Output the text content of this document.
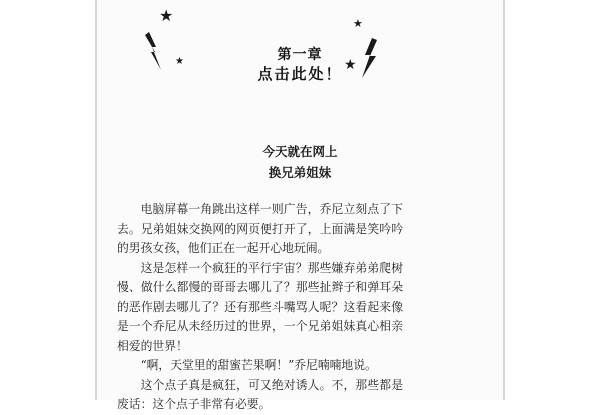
★
★
★
★
第一章
点击此处！
今天就在网上
换兄弟姐妹

电脑屏幕一角跳出这样一则广告，乔尼立刻点了下去。兄弟姐妹交换网的网页便打开了，上面满是笑吟吟的男孩女孩，他们正在一起开心地玩闹。

这是怎样一个疯狂的平行宇宙？那些嫌弃弟弟爬树慢、做什么都慢的哥哥去哪儿了？那些扯辫子和弹耳朵的恶作剧去哪儿了？还有那些斗嘴骂人呢？这看起来像是一个乔尼从未经历过的世界，一个兄弟姐妹真心相亲相爱的世界！

“啊，天堂里的甜蜜芒果啊！”乔尼喃喃地说。

这个点子真是疯狂，可又绝对诱人。不，那些都是废话：这个点子非常有必要。
